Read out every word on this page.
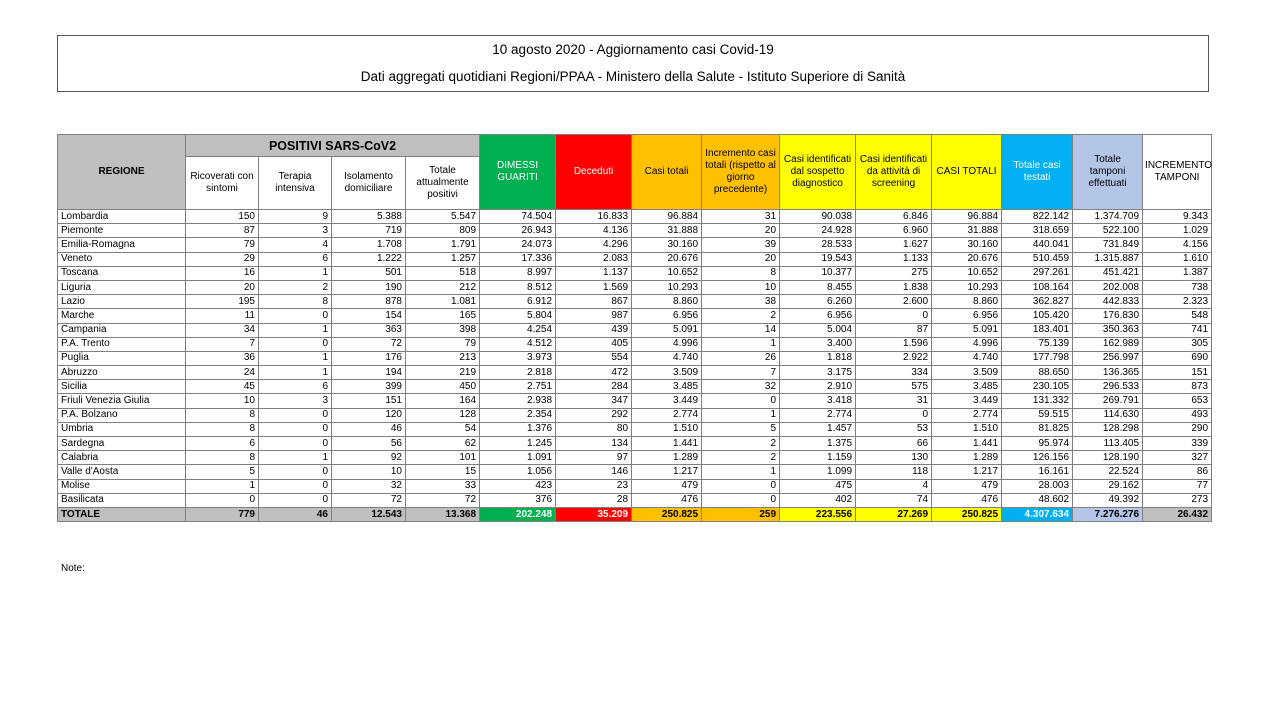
10 agosto 2020 - Aggiornamento casi Covid-19
Dati aggregati quotidiani Regioni/PPAA - Ministero della Salute - Istituto Superiore di Sanità
REGIONE	POSITIVI SARS-CoV2				DIMESSI GUARITI	Deceduti	Casi totali	Incremento casi totali (rispetto al giorno precedente)	Casi identificati dal sospetto diagnostico	Casi identificati da attività di screening	CASI TOTALI	Totale casi testati	Totale tamponi effettuati	INCREMENTO TAMPONI
	Ricoverati con sintomi	Terapia intensiva	Isolamento domiciliare	Totale attualmente positivi										
Lombardia	150	9	5.388	5.547	74.504	16.833	96.884	31	90.038	6.846	96.884	822.142	1.374.709	9.343
Piemonte	87	3	719	809	26.943	4.136	31.888	20	24.928	6.960	31.888	318.659	522.100	1.029
Emilia-Romagna	79	4	1.708	1.791	24.073	4.296	30.160	39	28.533	1.627	30.160	440.041	731.849	4.156
Veneto	29	6	1.222	1.257	17.336	2.083	20.676	20	19.543	1.133	20.676	510.459	1.315.887	1.610
Toscana	16	1	501	518	8.997	1.137	10.652	8	10.377	275	10.652	297.261	451.421	1.387
Liguria	20	2	190	212	8.512	1.569	10.293	10	8.455	1.838	10.293	108.164	202.008	738
Lazio	195	8	878	1.081	6.912	867	8.860	38	6.260	2.600	8.860	362.827	442.833	2.323
Marche	11	0	154	165	5.804	987	6.956	2	6.956	0	6.956	105.420	176.830	548
Campania	34	1	363	398	4.254	439	5.091	14	5.004	87	5.091	183.401	350.363	741
P.A. Trento	7	0	72	79	4.512	405	4.996	1	3.400	1.596	4.996	75.139	162.989	305
Puglia	36	1	176	213	3.973	554	4.740	26	1.818	2.922	4.740	177.798	256.997	690
Abruzzo	24	1	194	219	2.818	472	3.509	7	3.175	334	3.509	88.650	136.365	151
Sicilia	45	6	399	450	2.751	284	3.485	32	2.910	575	3.485	230.105	296.533	873
Friuli Venezia Giulia	10	3	151	164	2.938	347	3.449	0	3.418	31	3.449	131.332	269.791	653
P.A. Bolzano	8	0	120	128	2.354	292	2.774	1	2.774	0	2.774	59.515	114.630	493
Umbria	8	0	46	54	1.376	80	1.510	5	1.457	53	1.510	81.825	128.298	290
Sardegna	6	0	56	62	1.245	134	1.441	2	1.375	66	1.441	95.974	113.405	339
Calabria	8	1	92	101	1.091	97	1.289	2	1.159	130	1.289	126.156	128.190	327
Valle d'Aosta	5	0	10	15	1.056	146	1.217	1	1.099	118	1.217	16.161	22.524	86
Molise	1	0	32	33	423	23	479	0	475	4	479	28.003	29.162	77
Basilicata	0	0	72	72	376	28	476	0	402	74	476	48.602	49.392	273
TOTALE	779	46	12.543	13.368	202.248	35.209	250.825	259	223.556	27.269	250.825	4.307.634	7.276.276	26.432
Note:
